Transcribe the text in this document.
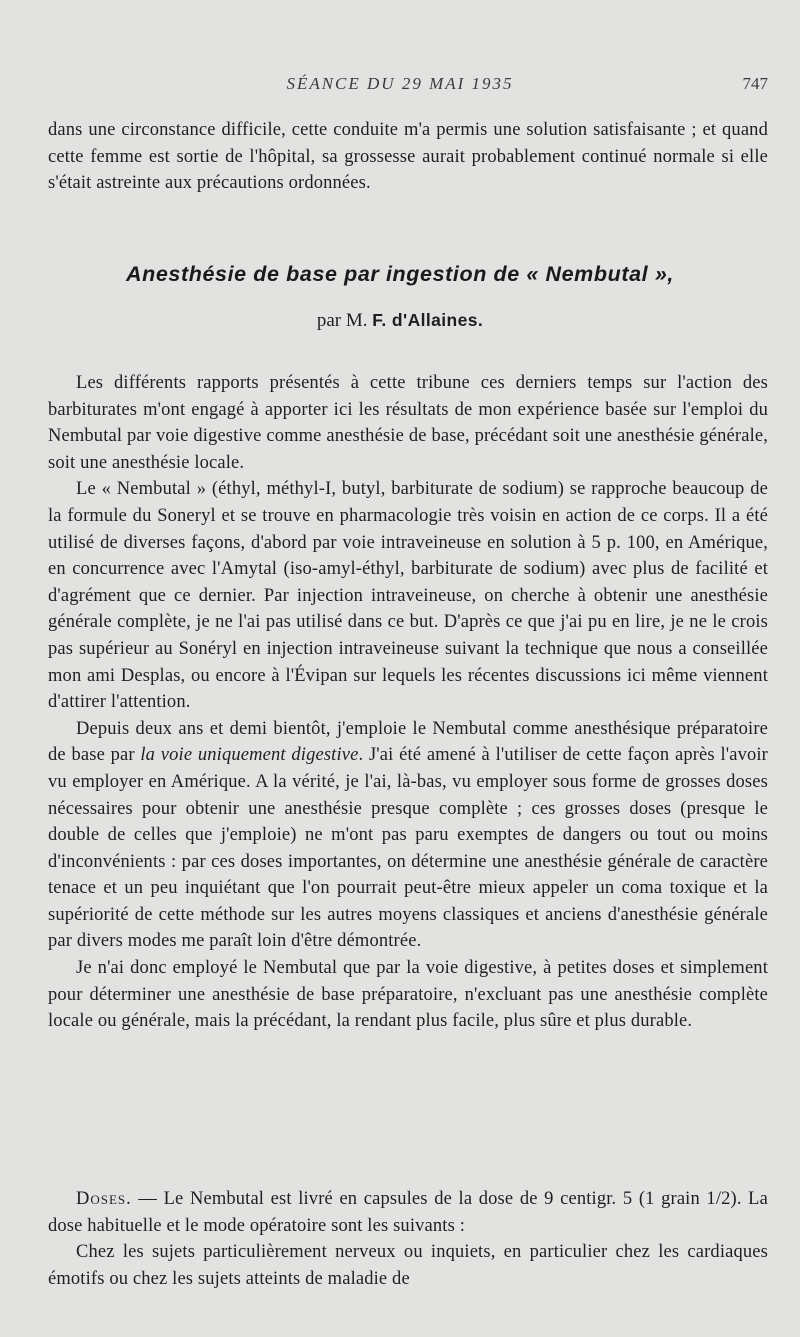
SÉANCE DU 29 MAI 1935	747

dans une circonstance difficile, cette conduite m'a permis une solution satisfaisante ; et quand cette femme est sortie de l'hôpital, sa grossesse aurait probablement continué normale si elle s'était astreinte aux précautions ordonnées.

Anesthésie de base par ingestion de « Nembutal »,
par M. F. d'Allaines.

Les différents rapports présentés à cette tribune ces derniers temps sur l'action des barbiturates m'ont engagé à apporter ici les résultats de mon expérience basée sur l'emploi du Nembutal par voie digestive comme anesthésie de base, précédant soit une anesthésie générale, soit une anesthésie locale.

Le « Nembutal » (éthyl, méthyl-I, butyl, barbiturate de sodium) se rapproche beaucoup de la formule du Soneryl et se trouve en pharmacologie très voisin en action de ce corps. Il a été utilisé de diverses façons, d'abord par voie intraveineuse en solution à 5 p. 100, en Amérique, en concurrence avec l'Amytal (iso-amyl-éthyl, barbiturate de sodium) avec plus de facilité et d'agrément que ce dernier. Par injection intraveineuse, on cherche à obtenir une anesthésie générale complète, je ne l'ai pas utilisé dans ce but. D'après ce que j'ai pu en lire, je ne le crois pas supérieur au Sonéryl en injection intraveineuse suivant la technique que nous a conseillée mon ami Desplas, ou encore à l'Évipan sur lequels les récentes discussions ici même viennent d'attirer l'attention.

Depuis deux ans et demi bientôt, j'emploie le Nembutal comme anesthésique préparatoire de base par la voie uniquement digestive. J'ai été amené à l'utiliser de cette façon après l'avoir vu employer en Amérique. A la vérité, je l'ai, là-bas, vu employer sous forme de grosses doses nécessaires pour obtenir une anesthésie presque complète ; ces grosses doses (presque le double de celles que j'emploie) ne m'ont pas paru exemptes de dangers ou tout ou moins d'inconvénients : par ces doses importantes, on détermine une anesthésie générale de caractère tenace et un peu inquiétant que l'on pourrait peut-être mieux appeler un coma toxique et la supériorité de cette méthode sur les autres moyens classiques et anciens d'anesthésie générale par divers modes me paraît loin d'être démontrée.

Je n'ai donc employé le Nembutal que par la voie digestive, à petites doses et simplement pour déterminer une anesthésie de base préparatoire, n'excluant pas une anesthésie complète locale ou générale, mais la précédant, la rendant plus facile, plus sûre et plus durable.

Doses. — Le Nembutal est livré en capsules de la dose de 9 centigr. 5 (1 grain 1/2). La dose habituelle et le mode opératoire sont les suivants :

Chez les sujets particulièrement nerveux ou inquiets, en particulier chez les cardiaques émotifs ou chez les sujets atteints de maladie de
